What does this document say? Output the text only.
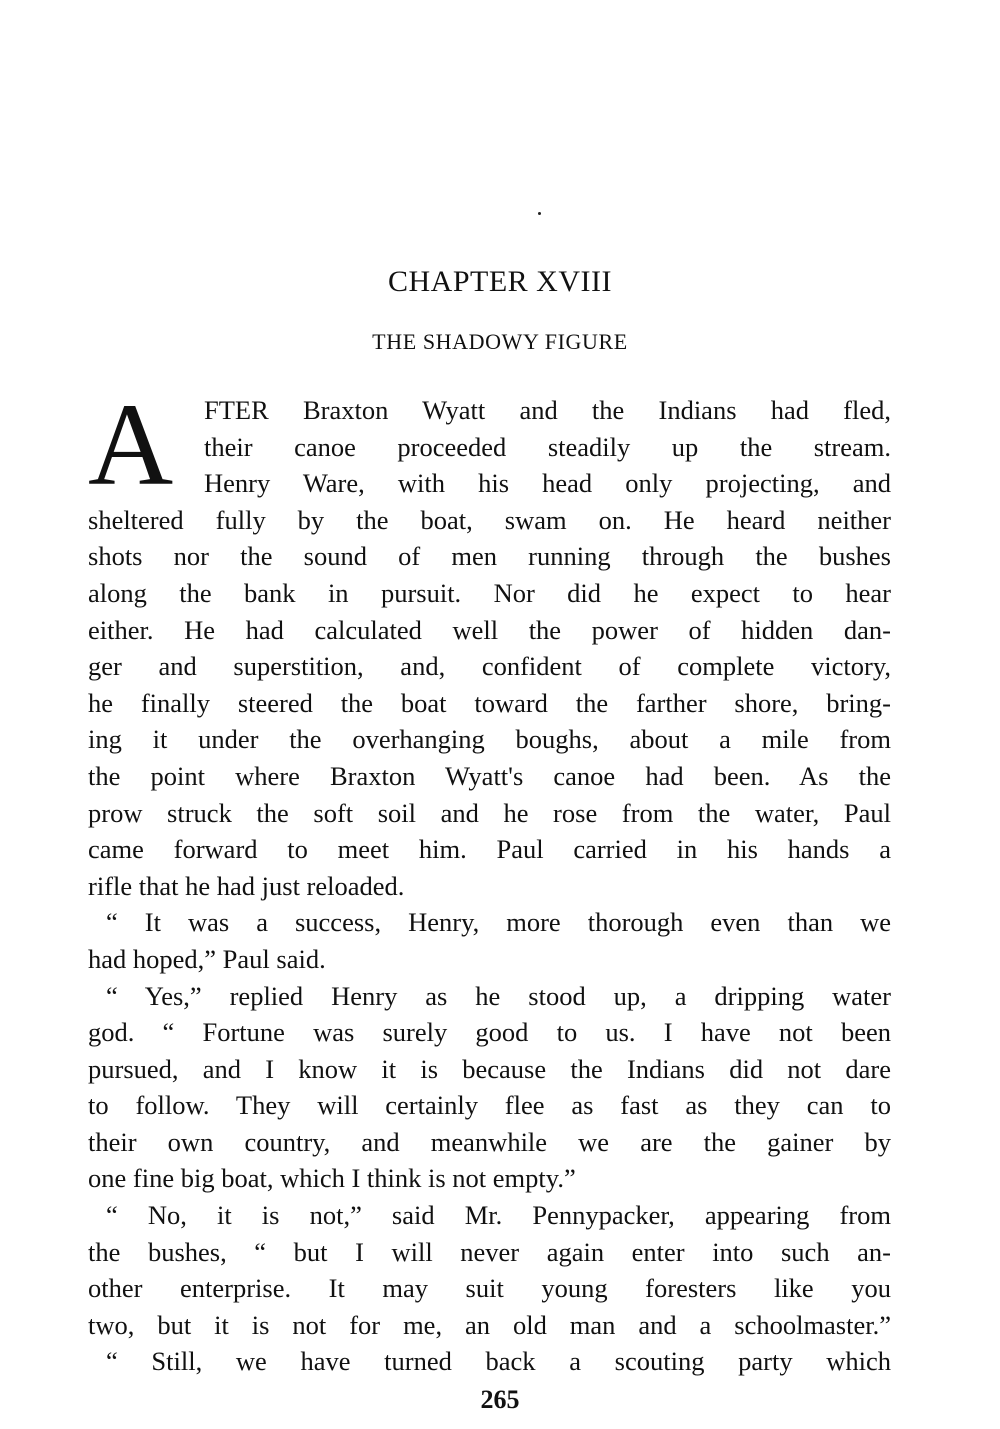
CHAPTER XVIII
THE SHADOWY FIGURE
A FTER Braxton Wyatt and the Indians had fled,
their canoe proceeded steadily up the stream.
Henry Ware, with his head only projecting, and
sheltered fully by the boat, swam on. He heard neither
shots nor the sound of men running through the bushes
along the bank in pursuit. Nor did he expect to hear
either. He had calculated well the power of hidden dan-
ger and superstition, and, confident of complete victory,
he finally steered the boat toward the farther shore, bring-
ing it under the overhanging boughs, about a mile from
the point where Braxton Wyatt's canoe had been. As the
prow struck the soft soil and he rose from the water, Paul
came forward to meet him. Paul carried in his hands a
rifle that he had just reloaded.
“ It was a success, Henry, more thorough even than we
had hoped,” Paul said.
“ Yes,” replied Henry as he stood up, a dripping water
god. “ Fortune was surely good to us. I have not been
pursued, and I know it is because the Indians did not dare
to follow. They will certainly flee as fast as they can to
their own country, and meanwhile we are the gainer by
one fine big boat, which I think is not empty.”
“ No, it is not,” said Mr. Pennypacker, appearing from
the bushes, “ but I will never again enter into such an-
other enterprise. It may suit young foresters like you
two, but it is not for me, an old man and a schoolmaster.”
“ Still, we have turned back a scouting party which
265
